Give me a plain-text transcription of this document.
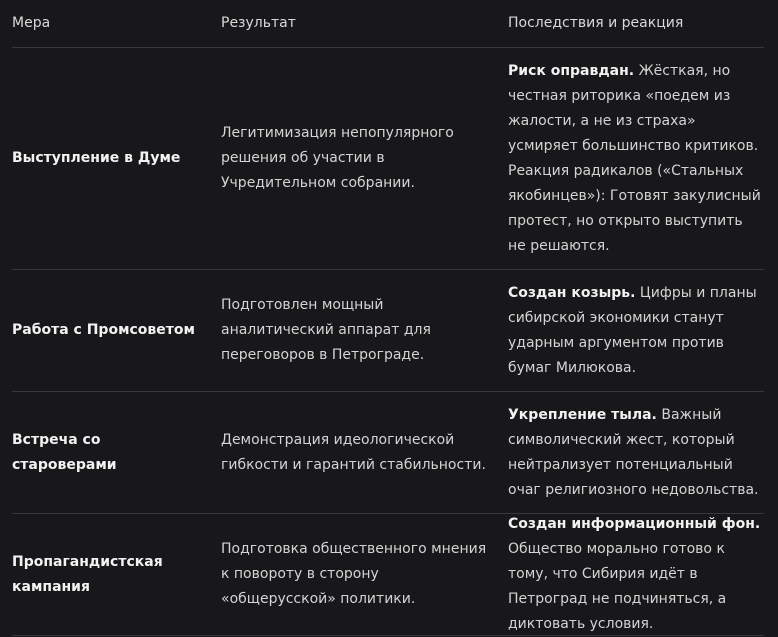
Мера	Результат	Последствия и реакция
Выступление в Думе
Легитимизация непопулярного решения об участии в Учредительном собрании.
Риск оправдан. Жёсткая, но честная риторика «поедем из жалости, а не из страха» усмиряет большинство критиков. Реакция радикалов («Стальных якобинцев»): Готовят закулисный протест, но открыто выступить не решаются.
Работа с Промсоветом
Подготовлен мощный аналитический аппарат для переговоров в Петрограде.
Создан козырь. Цифры и планы сибирской экономики станут ударным аргументом против бумаг Милюкова.
Встреча со староверами
Демонстрация идеологической гибкости и гарантий стабильности.
Укрепление тыла. Важный символический жест, который нейтрализует потенциальный очаг религиозного недовольства.
Пропагандистская кампания
Подготовка общественного мнения к повороту в сторону «общерусской» политики.
Создан информационный фон. Общество морально готово к тому, что Сибирия идёт в Петроград не подчиняться, а диктовать условия.
